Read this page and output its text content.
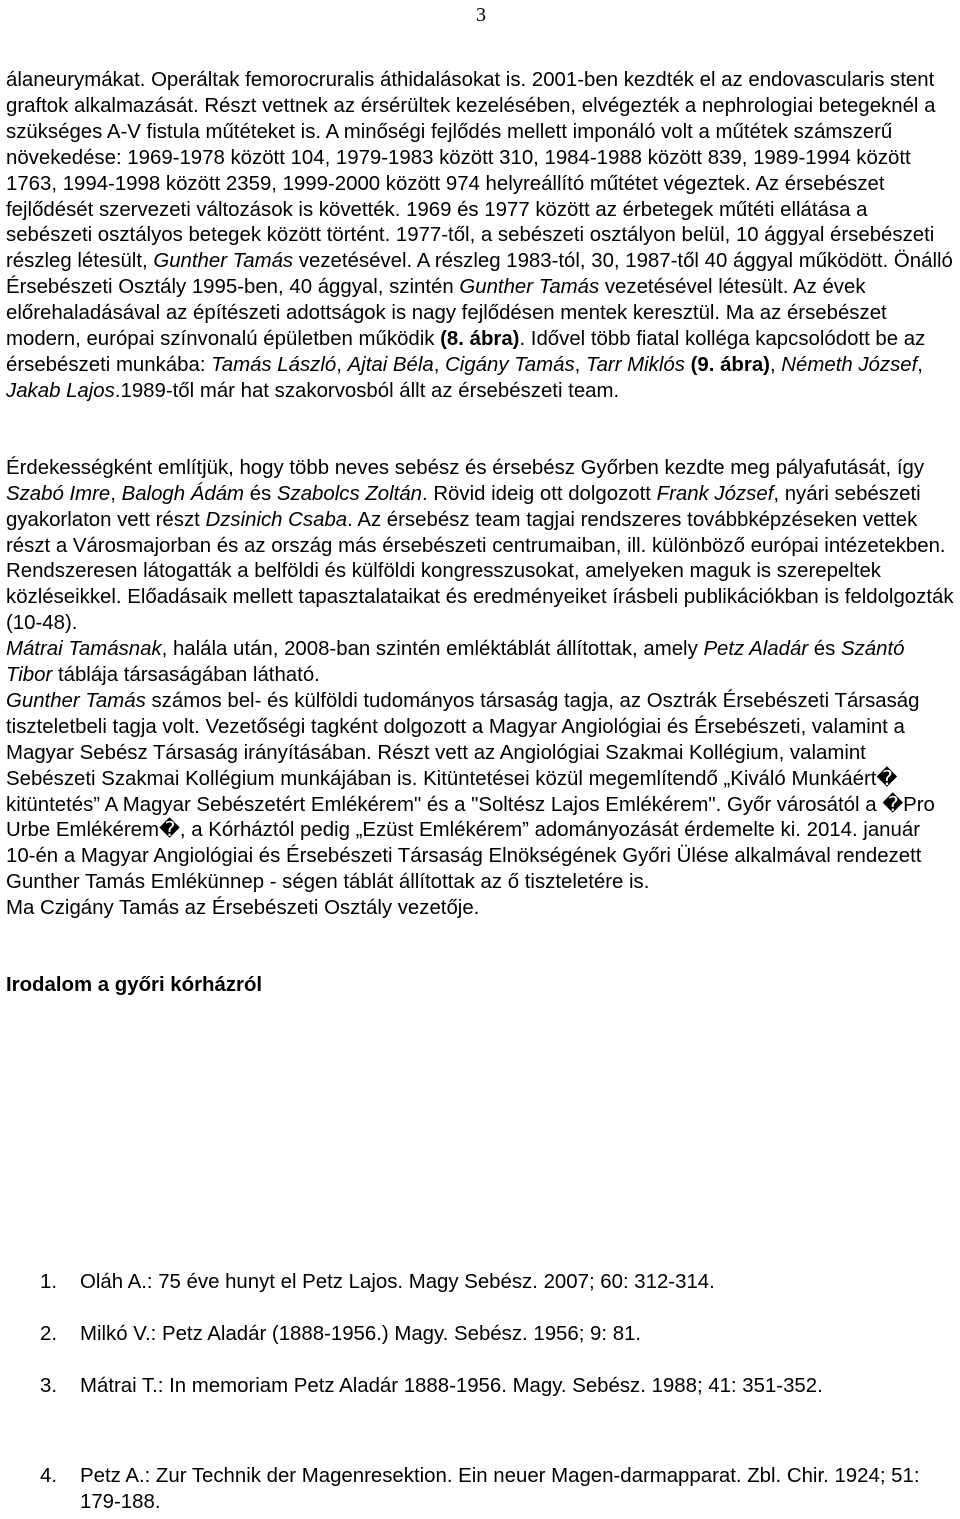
3

álaneurymákat. Operáltak femorocruralis áthidalásokat is. 2001-ben kezdték el az endovascularis stent graftok alkalmazását. Részt vettnek az érsérültek kezelésében, elvégezték a nephrologiai betegeknél a szükséges A-V fistula műtéteket is. A minőségi fejlődés mellett imponáló volt a műtétek számszerű növekedése: 1969-1978 között 104, 1979-1983 között 310, 1984-1988 között 839, 1989-1994 között 1763, 1994-1998 között 2359, 1999-2000 között 974 helyreállító műtétet végeztek. Az érsebészet fejlődését szervezeti változások is követték. 1969 és 1977 között az érbetegek műtéti ellátása a sebészeti osztályos betegek között történt. 1977-től, a sebészeti osztályon belül, 10 ággyal érsebészeti részleg létesült, Gunther Tamás vezetésével. A részleg 1983-tól, 30, 1987-től 40 ággyal működött. Önálló Érsebészeti Osztály 1995-ben, 40 ággyal, szintén Gunther Tamás vezetésével létesült. Az évek előrehaladásával az építészeti adottságok is nagy fejlődésen mentek keresztül. Ma az érsebészet modern, európai színvonalú épületben működik (8. ábra). Idővel több fiatal kolléga kapcsolódott be az érsebészeti munkába: Tamás László, Ajtai Béla, Cigány Tamás, Tarr Miklós (9. ábra), Németh József, Jakab Lajos.1989-től már hat szakorvosból állt az érsebészeti team.

Érdekességként említjük, hogy több neves sebész és érsebész Győrben kezdte meg pályafutását, így Szabó Imre, Balogh Ádám és Szabolcs Zoltán. Rövid ideig ott dolgozott Frank József, nyári sebészeti gyakorlaton vett részt Dzsinich Csaba. Az érsebész team tagjai rendszeres továbbképzéseken vettek részt a Városmajorban és az ország más érsebészeti centrumaiban, ill. különböző európai intézetekben. Rendszeresen látogatták a belföldi és külföldi kongresszusokat, amelyeken maguk is szerepeltek közléseikkel. Előadásaik mellett tapasztalataikat és eredményeiket írásbeli publikációkban is feldolgozták (10-48).

Mátrai Tamásnak, halála után, 2008-ban szintén emléktáblát állítottak, amely Petz Aladár és Szántó Tibor táblája társaságában látható.

Gunther Tamás számos bel- és külföldi tudományos társaság tagja, az Osztrák Érsebészeti Társaság tiszteletbeli tagja volt. Vezetőségi tagként dolgozott a Magyar Angiológiai és Érsebészeti, valamint a Magyar Sebész Társaság irányításában. Részt vett az Angiológiai Szakmai Kollégium, valamint Sebészeti Szakmai Kollégium munkájában is. Kitüntetései közül megemlítendő „Kiváló Munkáért� kitüntetés” A Magyar Sebészetért Emlékérem" és a "Soltész Lajos Emlékérem". Győr városától a �Pro Urbe Emlékérem�, a Kórháztól pedig „Ezüst Emlékérem” adományozását érdemelte ki. 2014. január 10-én a Magyar Angiológiai és Érsebészeti Társaság Elnökségének Győri Ülése alkalmával rendezett Gunther Tamás Emlékünnep - ségen táblát állítottak az ő tiszteletére is.

Ma Czigány Tamás az Érsebészeti Osztály vezetője.

Irodalom a győri kórházról

1. Oláh A.: 75 éve hunyt el Petz Lajos. Magy Sebész. 2007; 60: 312-314.
2. Milkó V.: Petz Aladár (1888-1956.) Magy. Sebész. 1956; 9: 81.
3. Mátrai T.: In memoriam Petz Aladár 1888-1956. Magy. Sebész. 1988; 41: 351-352.
4. Petz A.: Zur Technik der Magenresektion. Ein neuer Magen-darmapparat. Zbl. Chir. 1924; 51: 179-188.
